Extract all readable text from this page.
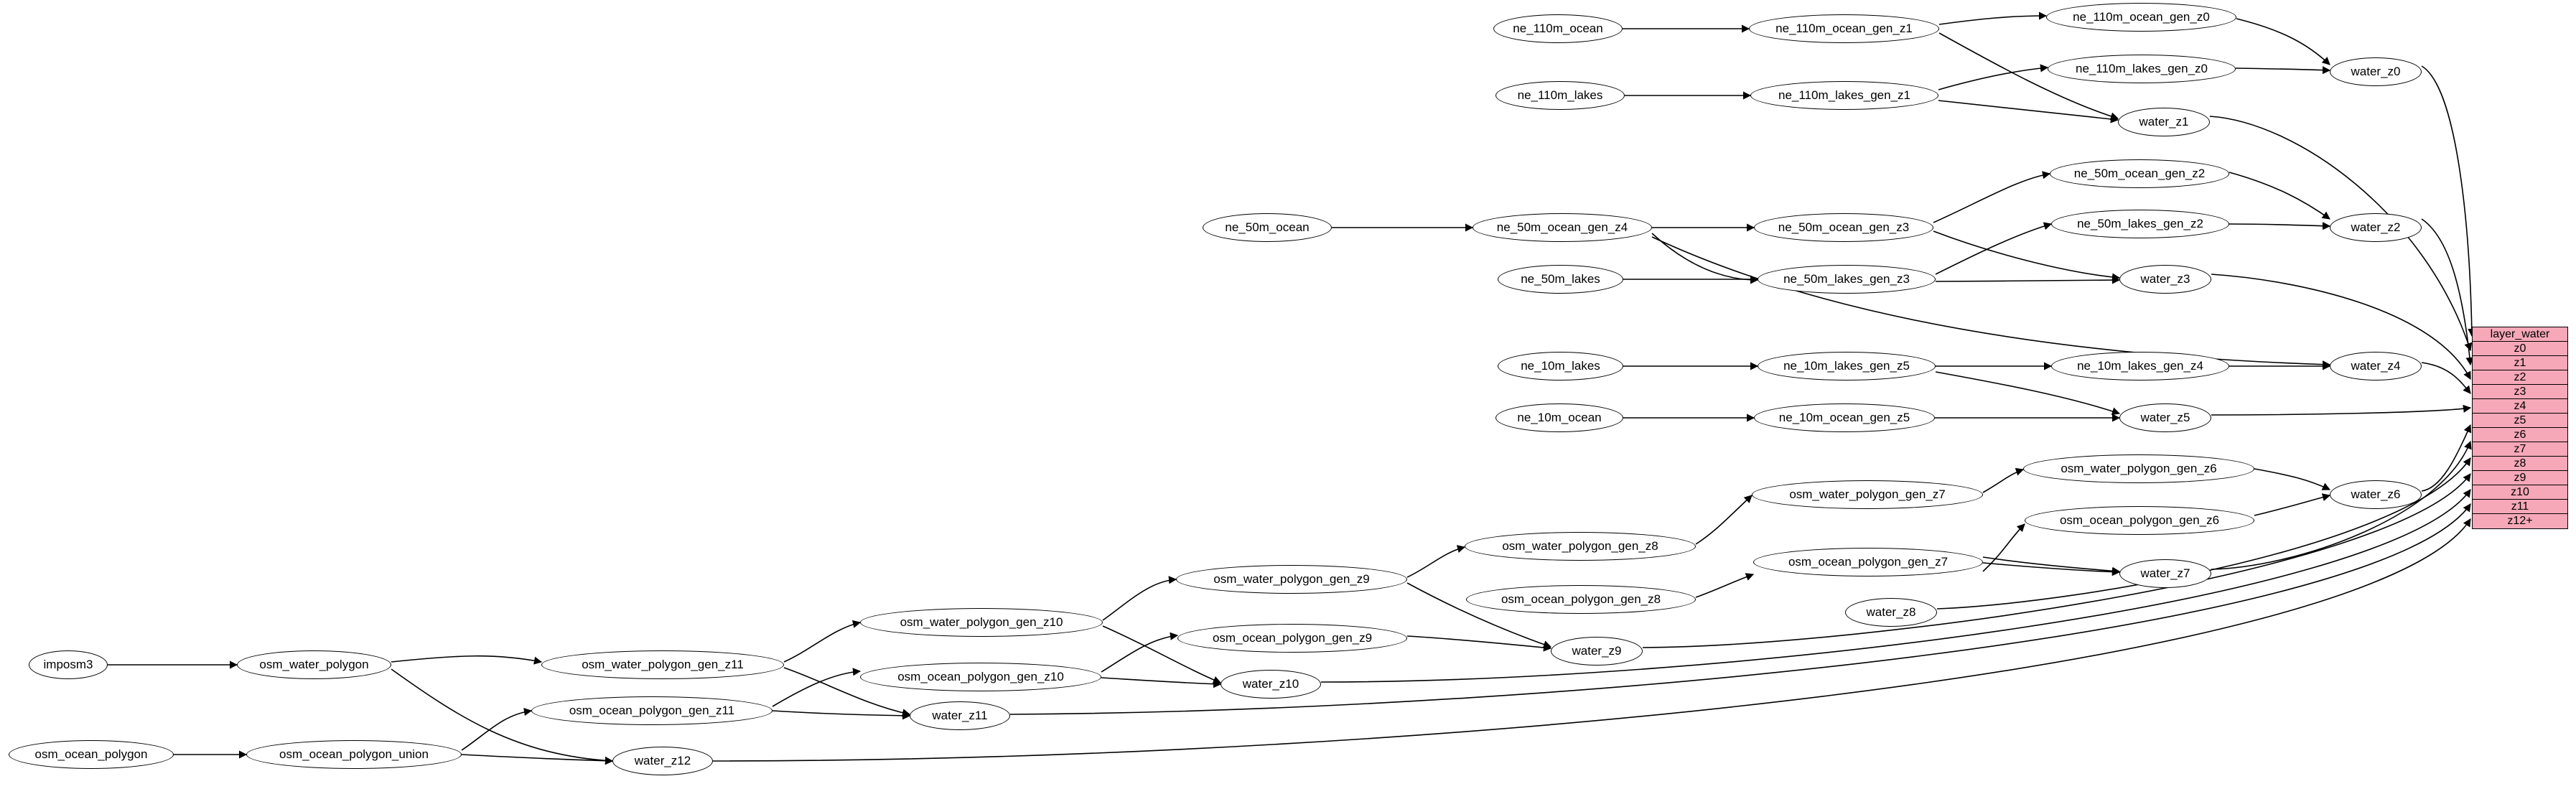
imposm3	osm_water_polygon
osm_ocean_polygon	osm_ocean_polygon_union
ne_110m_ocean	ne_110m_ocean_gen_z1
ne_110m_ocean_gen_z0
ne_110m_lakes	ne_110m_lakes_gen_z1
ne_110m_lakes_gen_z0	water_z0
water_z1
ne_50m_ocean	ne_50m_ocean_gen_z4	ne_50m_ocean_gen_z3
ne_50m_ocean_gen_z2
ne_50m_lakes	ne_50m_lakes_gen_z3
ne_50m_lakes_gen_z2	water_z2
water_z3
ne_10m_lakes	ne_10m_lakes_gen_z5	ne_10m_lakes_gen_z4	water_z4
ne_10m_ocean	ne_10m_ocean_gen_z5	water_z5
osm_water_polygon_gen_z6
osm_water_polygon_gen_z7
osm_ocean_polygon_gen_z6
water_z6
osm_water_polygon_gen_z8
osm_ocean_polygon_gen_z7
water_z7
osm_water_polygon_gen_z9
osm_ocean_polygon_gen_z8
water_z8
osm_water_polygon_gen_z10
osm_ocean_polygon_gen_z9
water_z9
osm_water_polygon_gen_z11
osm_ocean_polygon_gen_z10
water_z10
osm_ocean_polygon_gen_z11	water_z11
water_z12
layer_water
z0
z1
z2
z3
z4
z5
z6
z7
z8
z9
z10
z11
z12+
